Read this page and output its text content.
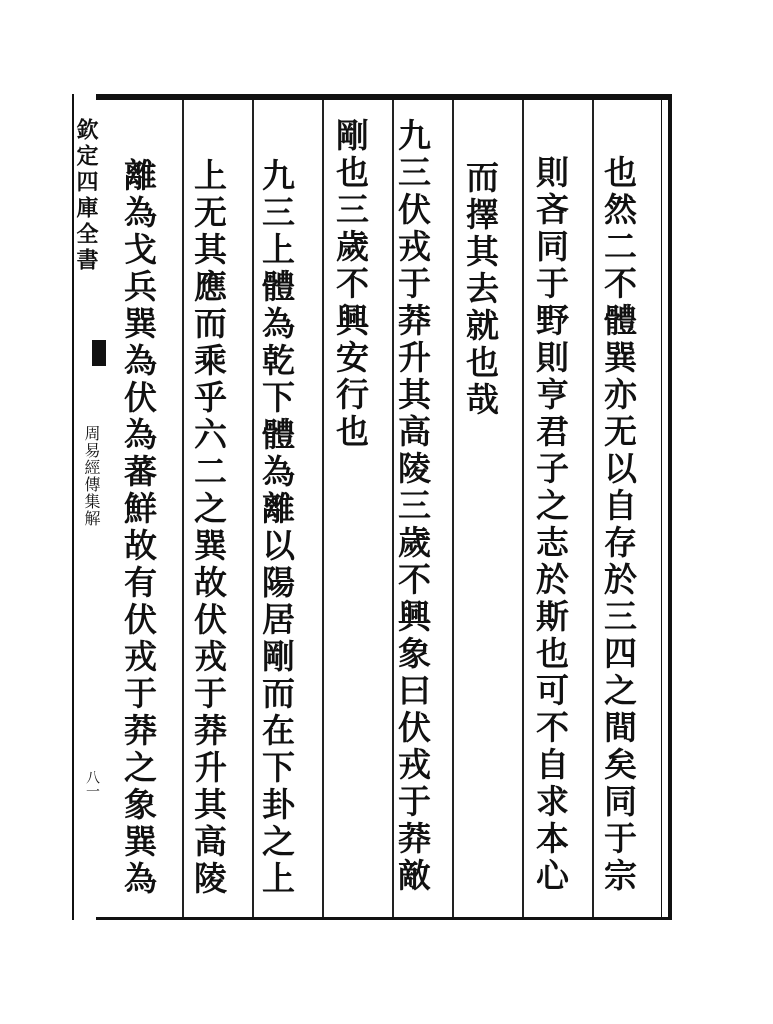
欽定四庫全書
周易經傳集解
八一	也然二不體巽亦无以自存於三四之間矣同于宗
則吝同于野則亨君子之志於斯也可不自求本心
而擇其去就也哉
九三伏戎于莽升其高陵三歲不興象曰伏戎于莽敵
剛也三歲不興安行也
九三上體為乾下體為離以陽居剛而在下卦之上
上无其應而乘乎六二之巽故伏戎于莽升其高陵
離為戈兵巽為伏為蕃鮮故有伏戎于莽之象巽為
